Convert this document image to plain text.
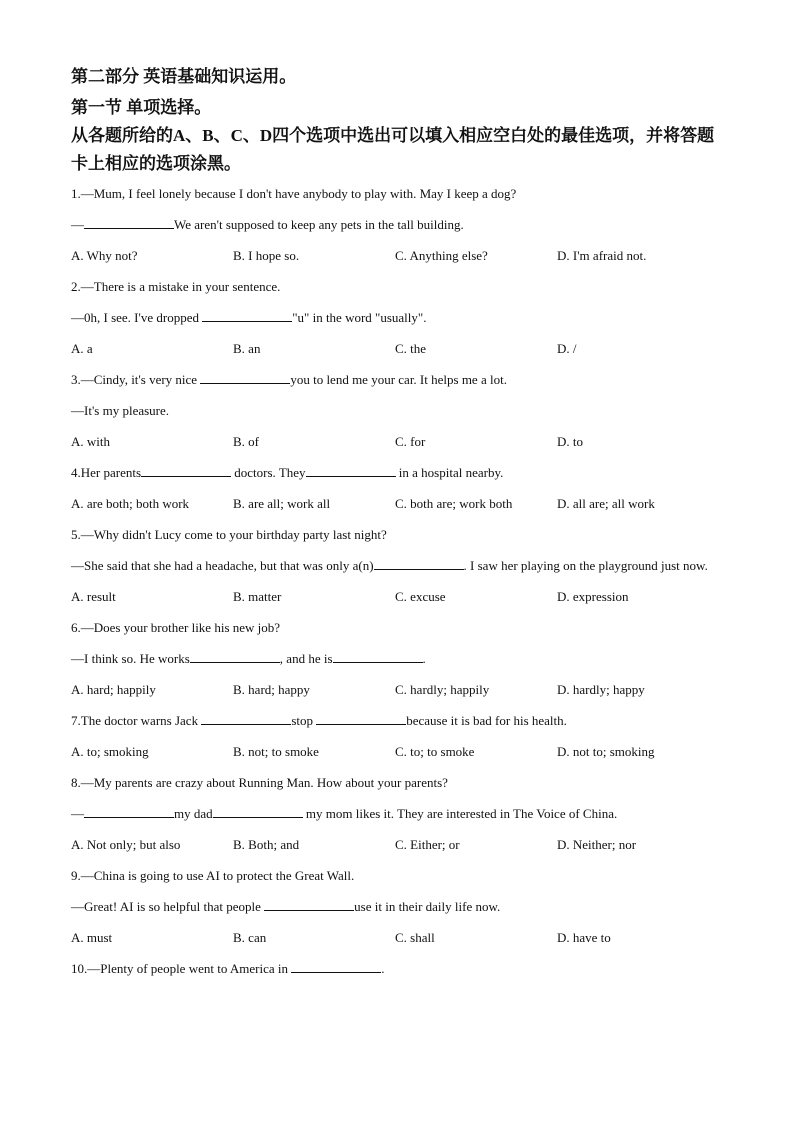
第二部分 英语基础知识运用。
第一节 单项选择。
从各题所给的A、B、C、D四个选项中选出可以填入相应空白处的最佳选项，并将答题卡上相应的选项涂黑。
1.—Mum, I feel lonely because I don't have anybody to play with. May I keep a dog?
—	We aren't supposed to keep any pets in the tall building.
A. Why not?	B. I hope so.	C. Anything else?	D. I'm afraid not.
2.—There is a mistake in your sentence.
—0h, I see. I've dropped	"u" in the word "usually".
A. a	B. an	C. the	D. /
3.—Cindy, it's very nice	you to lend me your car. It helps me a lot.
—It's my pleasure.
A. with	B. of	C. for	D. to
4.Her parents	doctors. They	in a hospital nearby.
A. are both; both work	B. are all; work all	C. both are; work both	D. all are; all work
5.—Why didn't Lucy come to your birthday party last night?
—She said that she had a headache, but that was only a(n)	. I saw her playing on the playground just now.
A. result	B. matter	C. excuse	D. expression
6.—Does your brother like his new job?
—I think so. He works	, and he is	.
A. hard; happily	B. hard; happy	C. hardly; happily	D. hardly; happy
7.The doctor warns Jack	stop	because it is bad for his health.
A. to; smoking	B. not; to smoke	C. to; to smoke	D. not to; smoking
8.—My parents are crazy about Running Man. How about your parents?
—	my dad	my mom likes it. They are interested in The Voice of China.
A. Not only; but also	B. Both; and	C. Either; or	D. Neither; nor
9.—China is going to use AI to protect the Great Wall.
—Great! AI is so helpful that people	use it in their daily life now.
A. must	B. can	C. shall	D. have to
10.—Plenty of people went to America in	.
